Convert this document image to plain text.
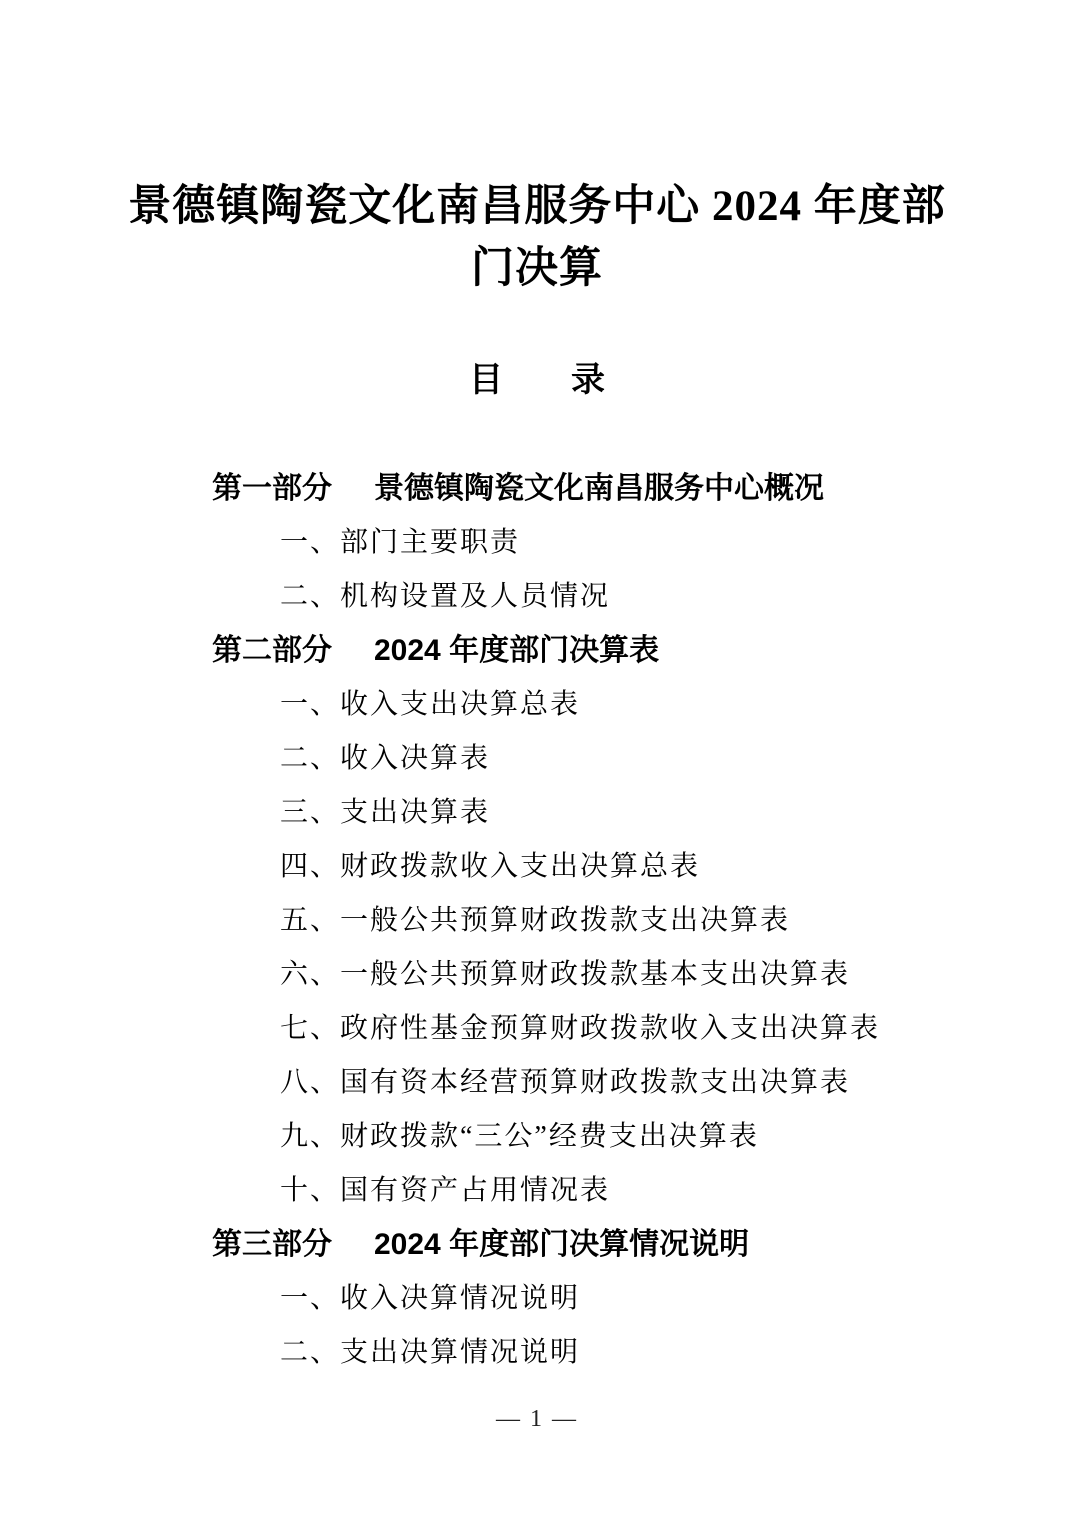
景德镇陶瓷文化南昌服务中心 2024 年度部
门决算
目　　录
第一部分 景德镇陶瓷文化南昌服务中心概况
一、部门主要职责
二、机构设置及人员情况
第二部分 2024 年度部门决算表
一、收入支出决算总表
二、收入决算表
三、支出决算表
四、财政拨款收入支出决算总表
五、一般公共预算财政拨款支出决算表
六、一般公共预算财政拨款基本支出决算表
七、政府性基金预算财政拨款收入支出决算表
八、国有资本经营预算财政拨款支出决算表
九、财政拨款“三公”经费支出决算表
十、国有资产占用情况表
第三部分 2024 年度部门决算情况说明
一、收入决算情况说明
二、支出决算情况说明
— 1 —
